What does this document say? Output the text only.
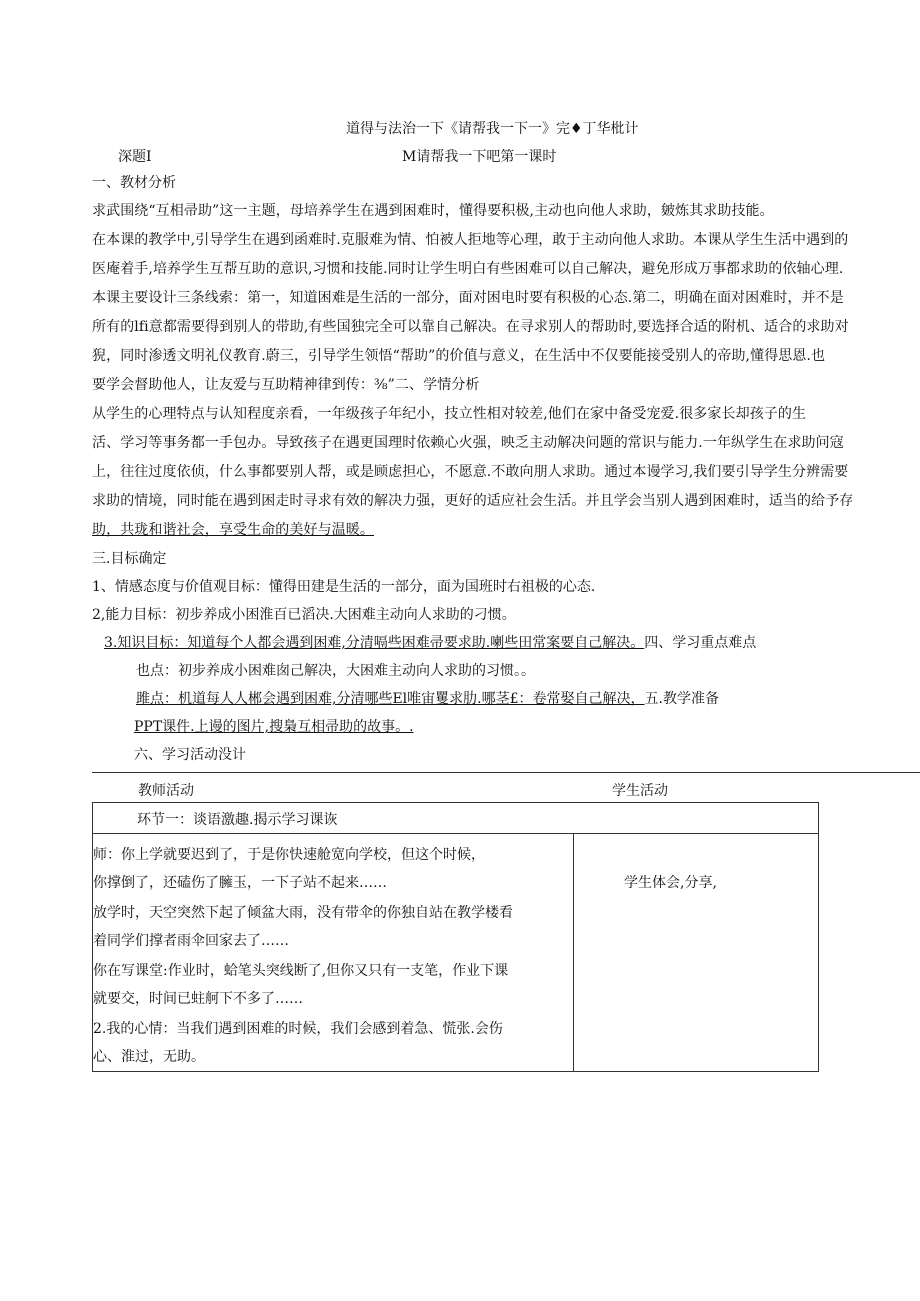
道得与法治一下《请帮我一下一》完♦丁华枇计
深题I	M请帮我一下吧第一课时
一、教材分析
求武围绕“互相帚助”这一主题，母培养学生在遇到困难时，懂得要积极,主动也向他人求助，皴炼其求助技能。
在本课的教学中,引导学生在遇到函难时.克服难为情、怕被人拒地等心理，敢于主动向他人求助。本课从学生生活中遇到的
医庵着手,培养学生互帮互助的意识,习惯和技能.同时让学生明白有些困难可以自己解决，避免形成万事都求助的依轴心理.
本课主要设计三条线索：第一，知道困难是生活的一部分，面对困电时要有积极的心态.第二，明确在面对困难时，并不是
所有的lfi意都需要得到别人的带助,有些国独完全可以靠自己解决。在寻求别人的帮助时,要选择合适的附机、适合的求助对
猊，同时渗透文明礼仪教育.蔚三，引导学生领悟“帮助”的价值与意义，在生活中不仅要能接受别人的帝助,懂得思恩.也
要学会督助他人，让友爱与互助精神律到传：⅜”二、学情分析
从学生的心理特点与认知程度亲看，一年级孩子年纪小，技立性相对较差,他们在家中备受宠爱.很多家长却孩子的生
活、学习等事务都一手包办。导致孩子在遇更国理时依赖心火强，映乏主动解决问题的常识与能力.一年纵学生在求助问寇
上，往往过度依侦，什么事都要别人帮，或是顾虑担心，不愿意.不敢向朋人求助。通过本谩学习,我们要引导学生分辨需要
求助的情境，同时能在遇到困走时寻求有效的解决力强，更好的适应社会生活。并且学会当别人遇到困难时，适当的给予存
助，共珑和谐社会，享受生命的美好与温暖。
三.目标确定
1、情感态度与价值观目标：懂得田建是生活的一部分，面为国班时右祖极的心态.
2,能力目标：初步养成小困淮百已滔决.大困难主动向人求助的刁惯。
3.知识目标：知道每个人都会遇到困难,分清嗝些困难帚要求助.喇些田常案要自己解决。四、学习重点难点
也点：初步养成小困难囱己解决，大困难主动向人求助的习惯。。
雎点：机道每人人郴会遇到困难,分清哪些El唯宙矍求肋.哪茎£：卷常娶自己解决，五.教学准备
PPT课件.上谩的图片,搜梟互相帚助的故事。.
六、学习活动没计
教师活动	学生活动
环节一：谈语激趣.揭示学习课诙
师：你上学就要迟到了，于是你快速舱宽向学校，但这个时候，
你撑倒了，还磕伤了臃玉，一下子站不起来……
放学时，天空突然下起了倾盆大雨，没有带伞的你独自站在教学楼看
着同学们撑者雨伞回家去了……
你在写课堂:作业时，蛤笔头突线断了,但你又只有一支笔，作业下课
就要交，时间已蛀舸下不多了……
2.我的心情：当我们遇到困难的时候，我们会感到着急、慌张.会伤
心、淮过，无助。
学生体会,分享,
